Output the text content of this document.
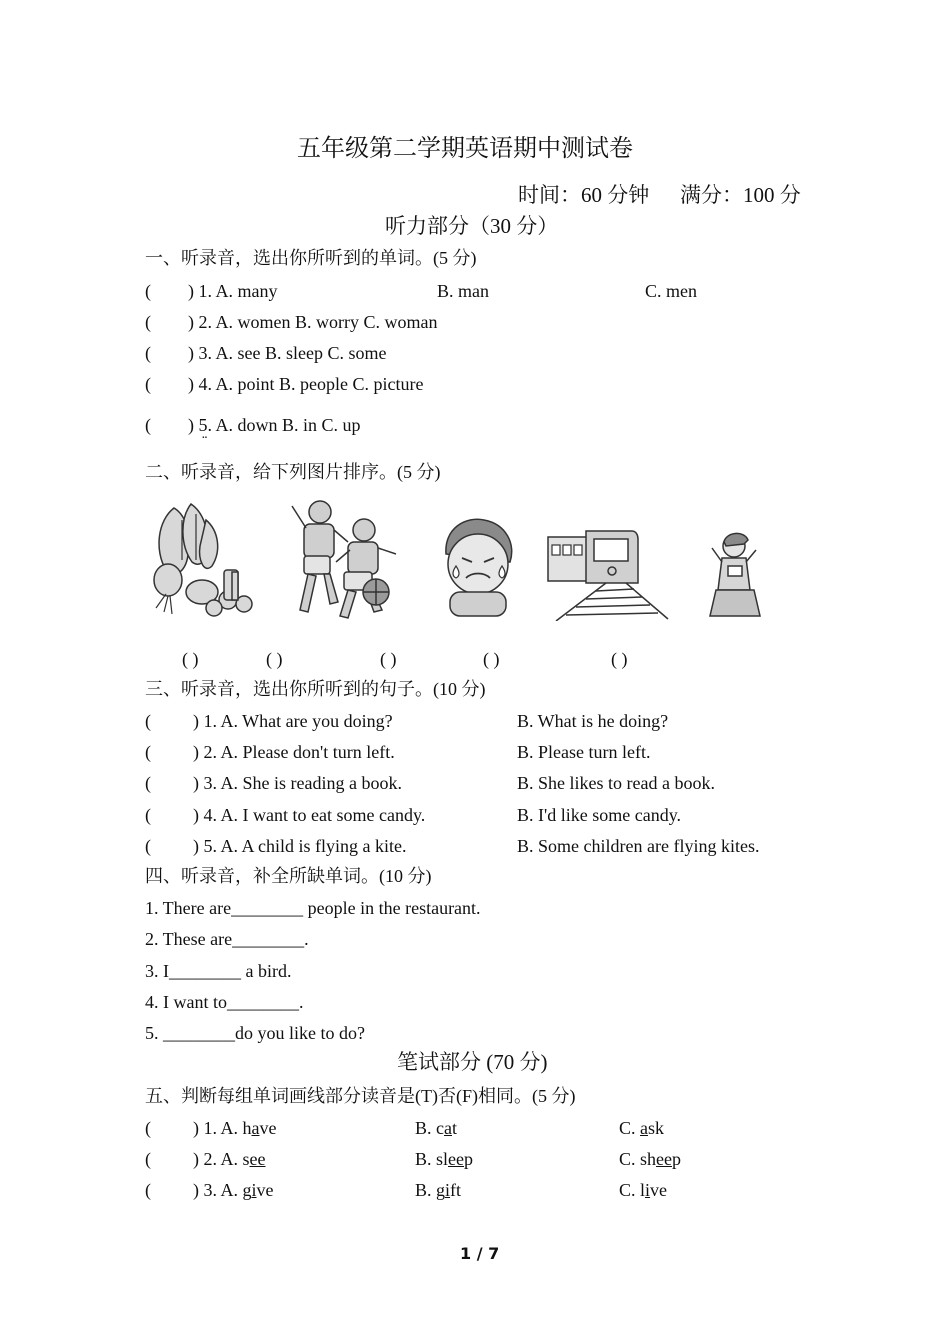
五年级第二学期英语期中测试卷
时间：60 分钟 满分：100 分
听力部分（30 分）
一、听录音，选出你所听到的单词。(5 分)
( ) 1. A. many	B. man	C. men
( ) 2. A. women B. worry C. woman
( ) 3. A. see B. sleep C. some
( ) 4. A. point B. people C. picture
( ) 5. A. down B. in C. up
··
二、听录音，给下列图片排序。(5 分)
( )	( )	( )	( )	( )
三、听录音，选出你所听到的句子。(10 分)
( ) 1. A. What are you doing?	B. What is he doing?
( ) 2. A. Please don't turn left.	B. Please turn left.
( ) 3. A. She is reading a book.	B. She likes to read a book.
( ) 4. A. I want to eat some candy.	B. I'd like some candy.
( ) 5. A. A child is flying a kite.	B. Some children are flying kites.
四、听录音，补全所缺单词。(10 分)
1. There are________ people in the restaurant.
2. These are________.
3. I________ a bird.
4. I want to________.
5. ________do you like to do?
笔试部分 (70 分)
五、判断每组单词画线部分读音是(T)否(F)相同。(5 分)
( ) 1. A. have	B. cat	C. ask
( ) 2. A. see	B. sleep	C. sheep
( ) 3. A. give	B. gift	C. live
1 / 7
